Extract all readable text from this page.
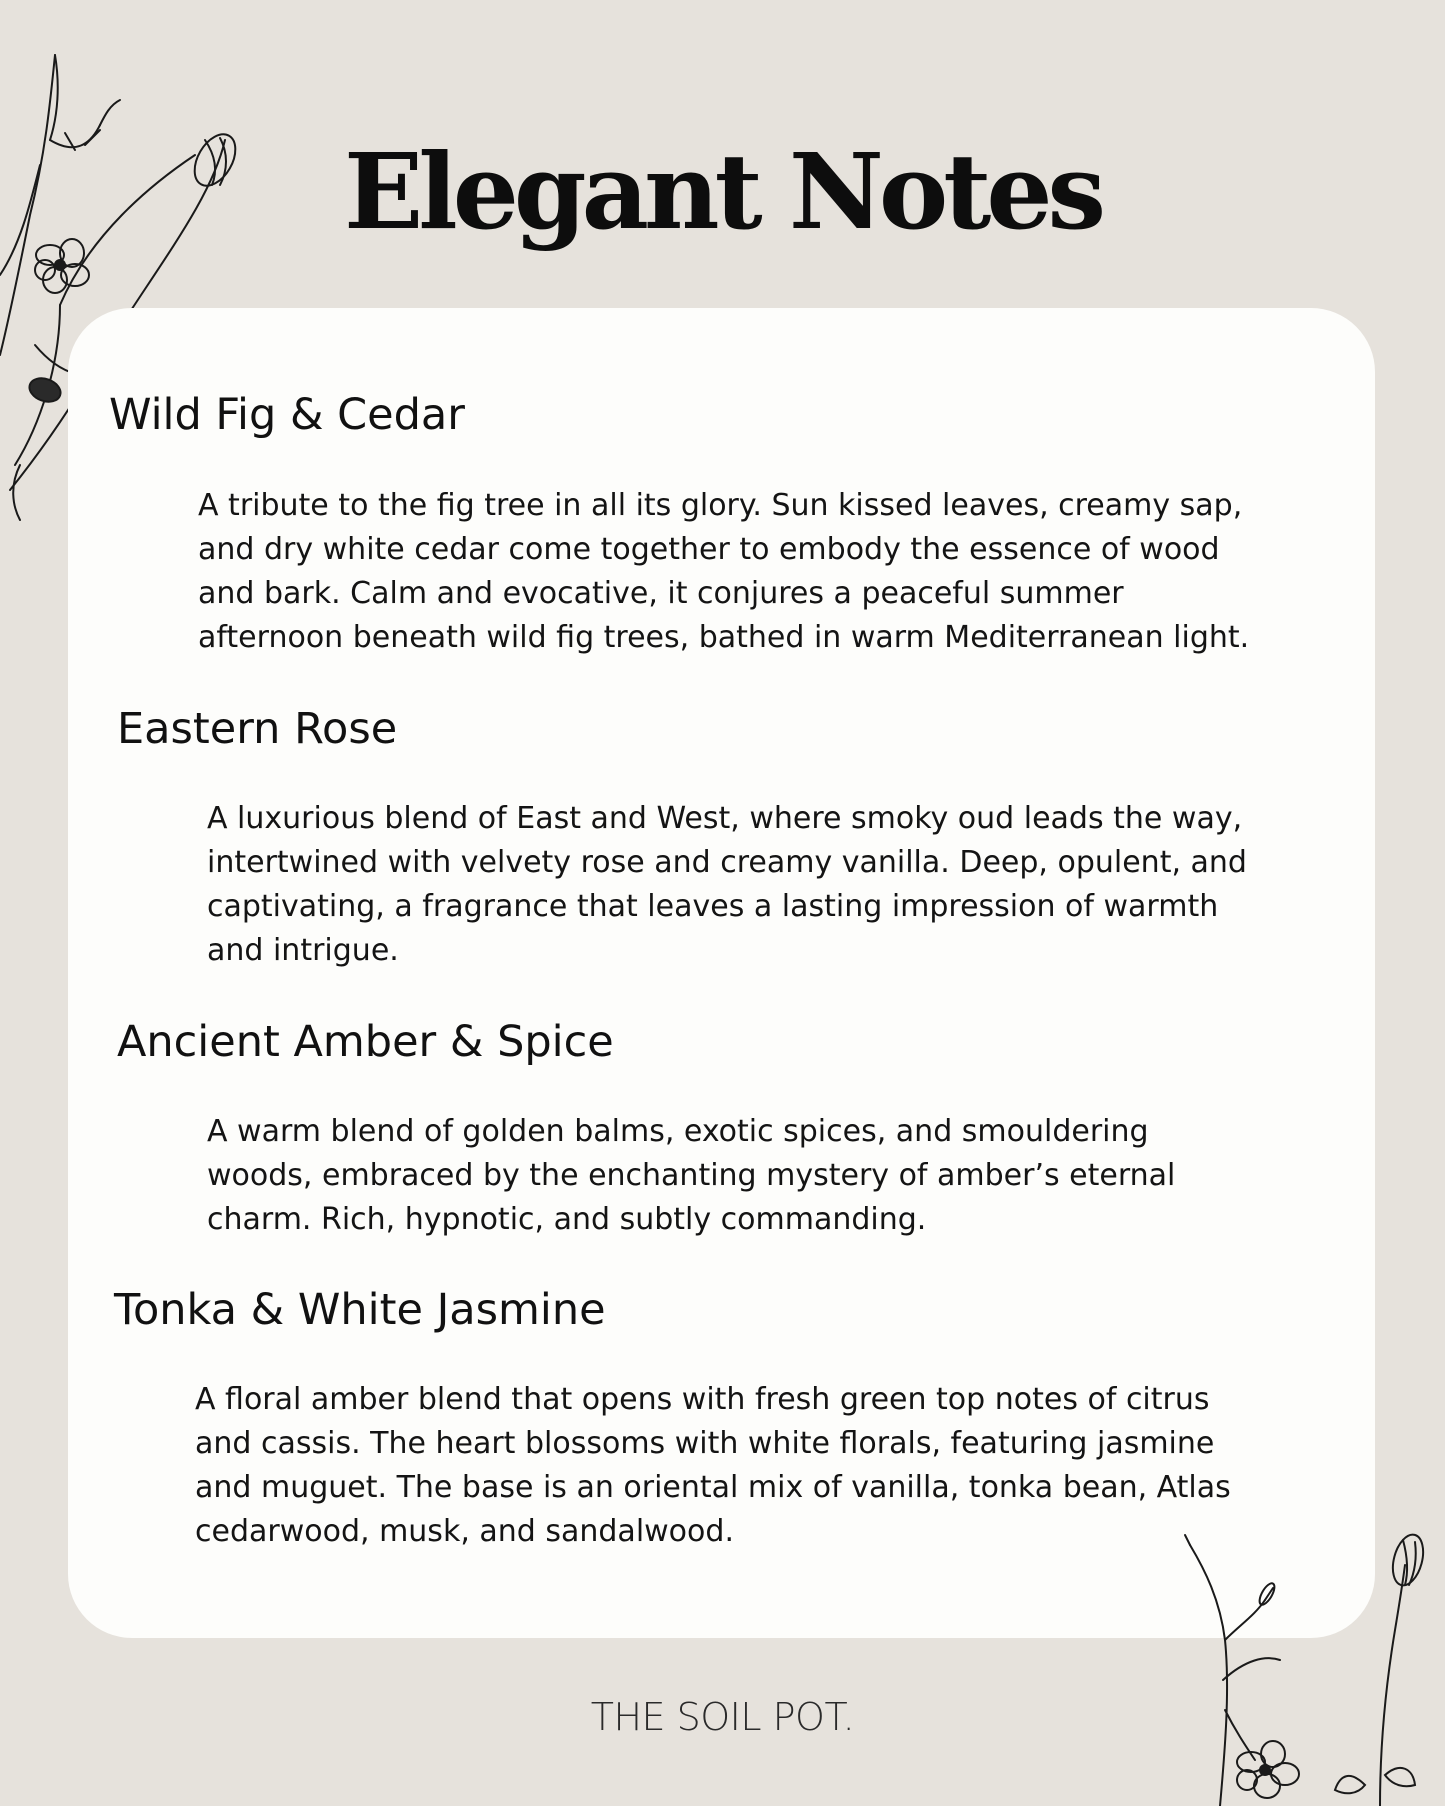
Elegant Notes
Wild Fig & Cedar

A tribute to the fig tree in all its glory. Sun kissed leaves, creamy sap,
and dry white cedar come together to embody the essence of wood
and bark. Calm and evocative, it conjures a peaceful summer
afternoon beneath wild fig trees, bathed in warm Mediterranean light.

Eastern Rose

A luxurious blend of East and West, where smoky oud leads the way,
intertwined with velvety rose and creamy vanilla. Deep, opulent, and
captivating, a fragrance that leaves a lasting impression of warmth
and intrigue.

Ancient Amber & Spice

A warm blend of golden balms, exotic spices, and smouldering
woods, embraced by the enchanting mystery of amber’s eternal
charm. Rich, hypnotic, and subtly commanding.

Tonka & White Jasmine

A floral amber blend that opens with fresh green top notes of citrus
and cassis. The heart blossoms with white florals, featuring jasmine
and muguet. The base is an oriental mix of vanilla, tonka bean, Atlas
cedarwood, musk, and sandalwood.

THE SOIL POT.
